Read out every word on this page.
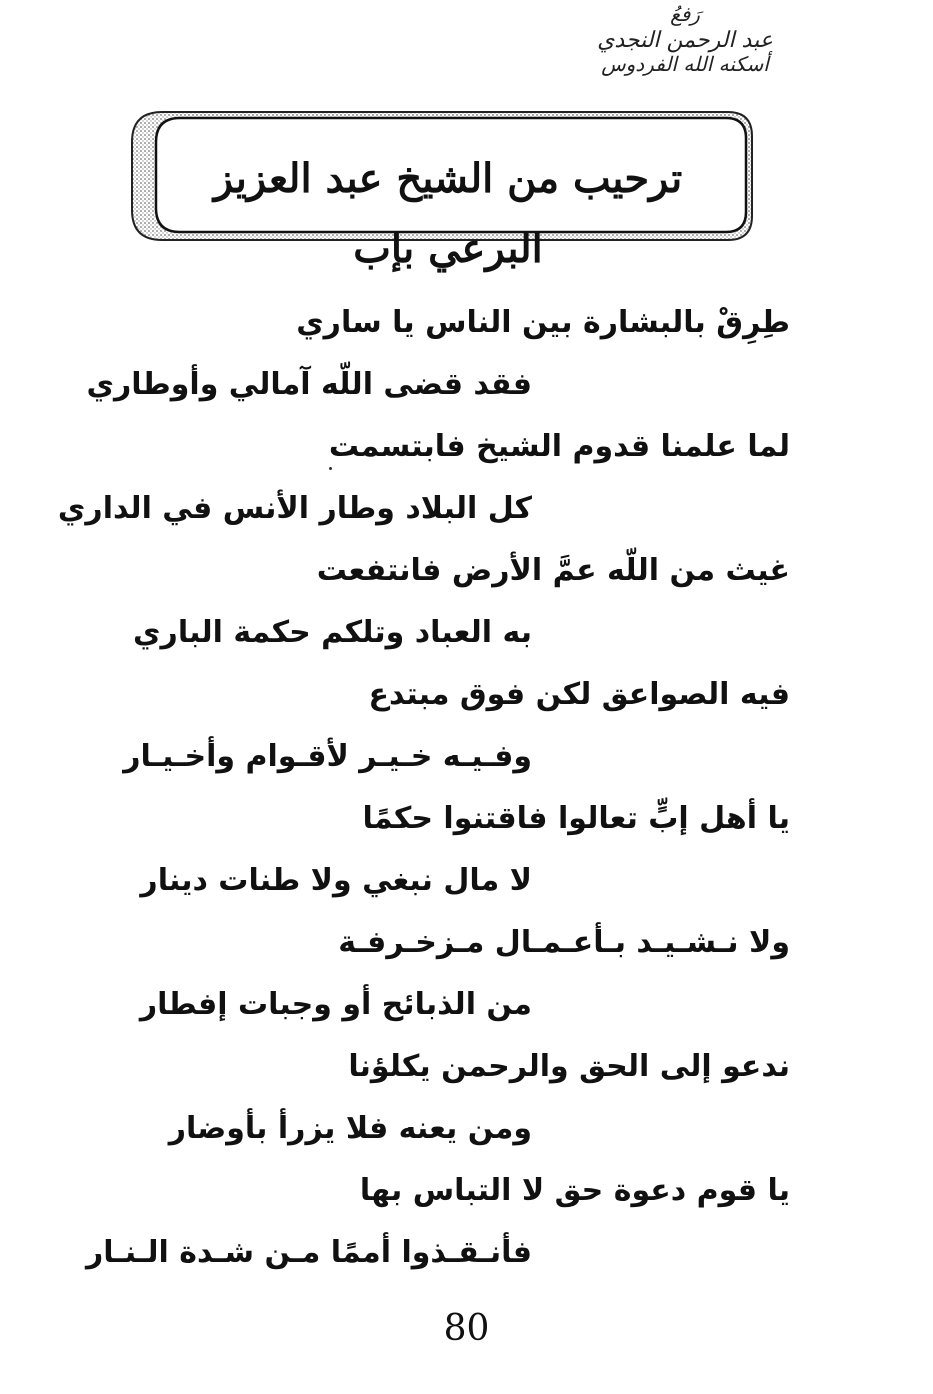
رَفعُ
عبد الرحمن النجدي
أسكنه الله الفردوس
ترحيب من الشيخ عبد العزيز البرعي بإب
طِرِقْ بالبشارة بين الناس يا ساري
فقد قضى اللّه آمالي وأوطاري
لما علمنا قدوم الشيخ فابتسمت
كل البلاد وطار الأنس في الداري
غيث من اللّه عمَّ الأرض فانتفعت
به العباد وتلكم حكمة الباري
فيه الصواعق لكن فوق مبتدع
وفـيـه خـيـر لأقـوام وأخـيـار
يا أهل إبٍّ تعالوا فاقتنوا حكمًا
لا مال نبغي ولا طنات دينار
ولا نـشـيـد بـأعـمـال مـزخـرفـة
من الذبائح أو وجبات إفطار
ندعو إلى الحق والرحمن يكلؤنا
ومن يعنه فلا يزرأ بأوضار
يا قوم دعوة حق لا التباس بها
فأنـقـذوا أممًا مـن شـدة الـنـار
80
